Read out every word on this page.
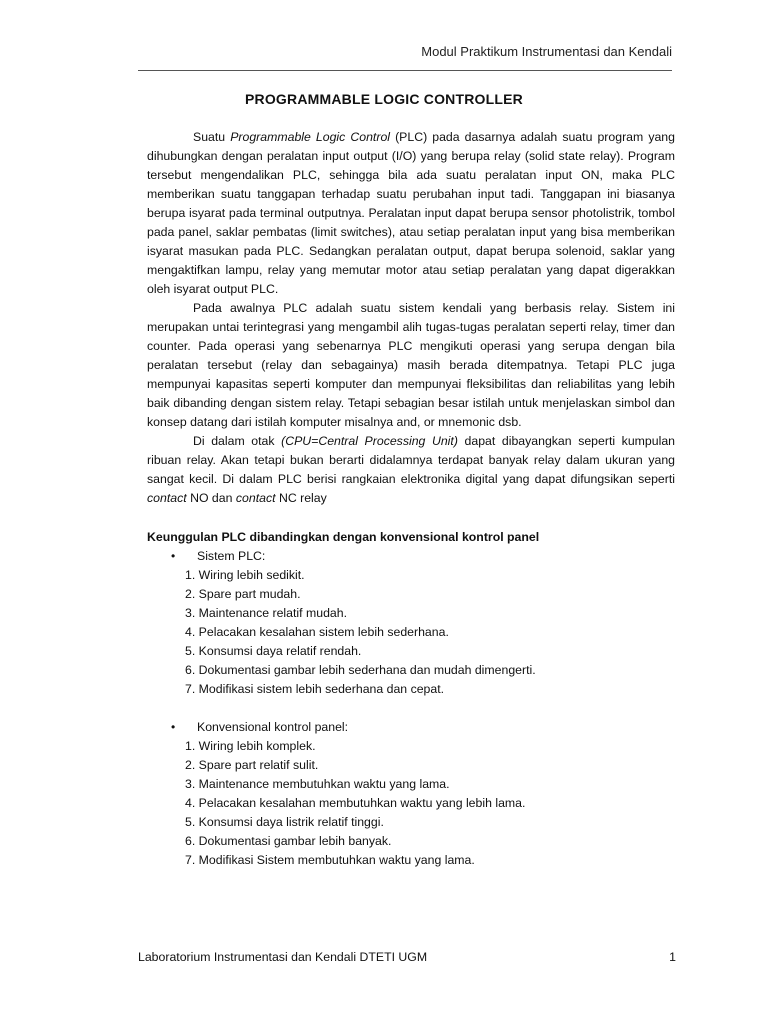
Modul Praktikum Instrumentasi dan Kendali
PROGRAMMABLE LOGIC CONTROLLER

Suatu Programmable Logic Control (PLC) pada dasarnya adalah suatu program yang dihubungkan dengan peralatan input output (I/O) yang berupa relay (solid state relay). Program tersebut mengendalikan PLC, sehingga bila ada suatu peralatan input ON, maka PLC memberikan suatu tanggapan terhadap suatu perubahan input tadi. Tanggapan ini biasanya berupa isyarat pada terminal outputnya. Peralatan input dapat berupa sensor photolistrik, tombol pada panel, saklar pembatas (limit switches), atau setiap peralatan input yang bisa memberikan isyarat masukan pada PLC. Sedangkan peralatan output, dapat berupa solenoid, saklar yang mengaktifkan lampu, relay yang memutar motor atau setiap peralatan yang dapat digerakkan oleh isyarat output PLC.

Pada awalnya PLC adalah suatu sistem kendali yang berbasis relay. Sistem ini merupakan untai terintegrasi yang mengambil alih tugas-tugas peralatan seperti relay, timer dan counter. Pada operasi yang sebenarnya PLC mengikuti operasi yang serupa dengan bila peralatan tersebut (relay dan sebagainya) masih berada ditempatnya. Tetapi PLC juga mempunyai kapasitas seperti komputer dan mempunyai fleksibilitas dan reliabilitas yang lebih baik dibanding dengan sistem relay. Tetapi sebagian besar istilah untuk menjelaskan simbol dan konsep datang dari istilah komputer misalnya and, or mnemonic dsb.

Di dalam otak (CPU=Central Processing Unit) dapat dibayangkan seperti kumpulan ribuan relay. Akan tetapi bukan berarti didalamnya terdapat banyak relay dalam ukuran yang sangat kecil. Di dalam PLC berisi rangkaian elektronika digital yang dapat difungsikan seperti contact NO dan contact NC relay

Keunggulan PLC dibandingkan dengan konvensional kontrol panel

• Sistem PLC:
1. Wiring lebih sedikit.
2. Spare part mudah.
3. Maintenance relatif mudah.
4. Pelacakan kesalahan sistem lebih sederhana.
5. Konsumsi daya relatif rendah.
6. Dokumentasi gambar lebih sederhana dan mudah dimengerti.
7. Modifikasi sistem lebih sederhana dan cepat.
• Konvensional kontrol panel:
1. Wiring lebih komplek.
2. Spare part relatif sulit.
3. Maintenance membutuhkan waktu yang lama.
4. Pelacakan kesalahan membutuhkan waktu yang lebih lama.
5. Konsumsi daya listrik relatif tinggi.
6. Dokumentasi gambar lebih banyak.
7. Modifikasi Sistem membutuhkan waktu yang lama.
Laboratorium Instrumentasi dan Kendali DTETI UGM	1
